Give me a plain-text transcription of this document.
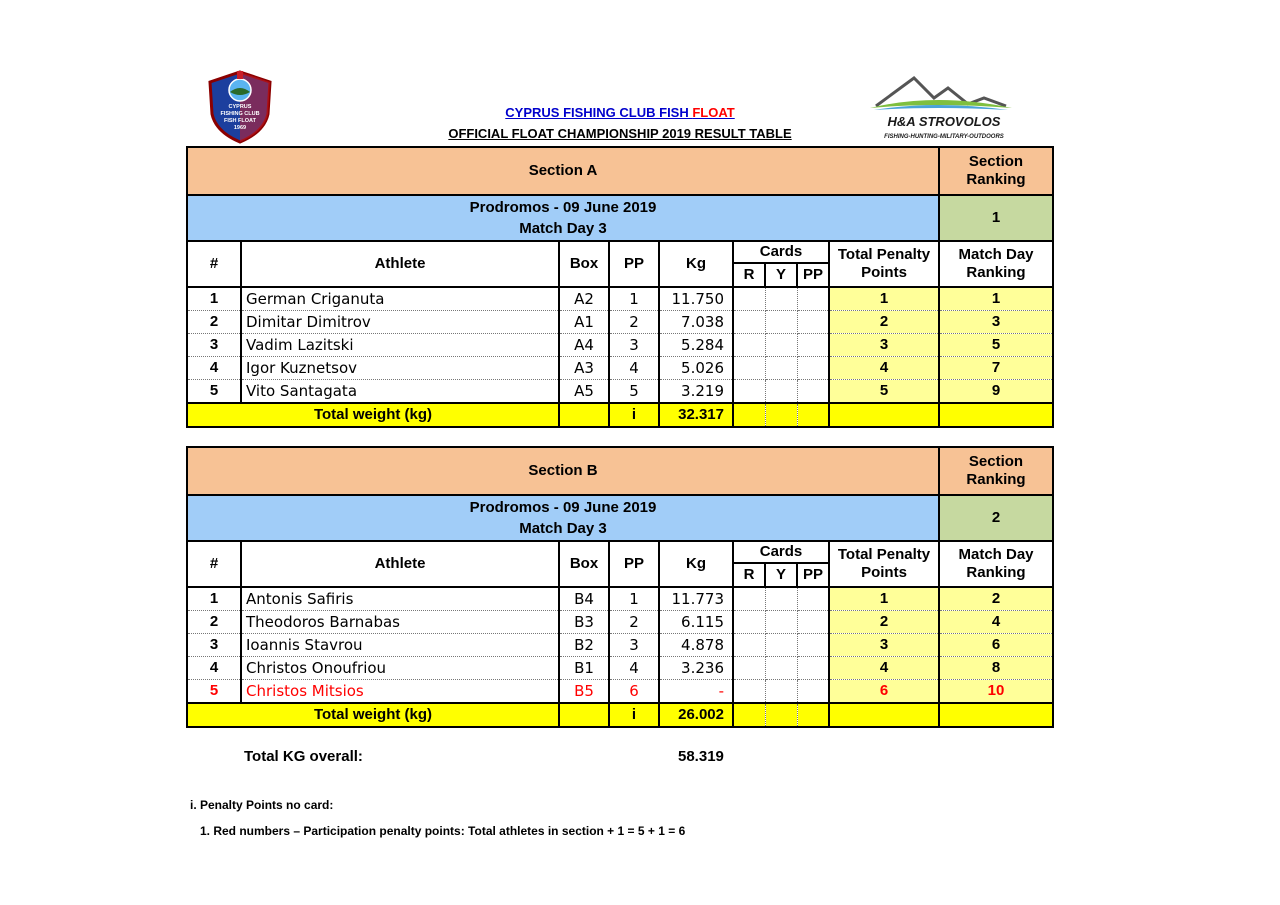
CYPRUS
FISHING CLUB
FISH FLOAT
1969	H&A STROVOLOS
FISHING-HUNTING-MILITARY-OUTDOORS
CYPRUS FISHING CLUB FISH FLOAT
OFFICIAL FLOAT CHAMPIONSHIP 2019 RESULT TABLE
Section A									Section
Ranking
Prodromos - 09 June 2019
Match Day 3									1
#	Athlete	Box	PP	Kg	Cards			Total Penalty
Points	Match Day
Ranking
					R	Y	PP		
1	German Criganuta	A2	1	11.750				1	1
2	Dimitar Dimitrov	A1	2	7.038				2	3
3	Vadim Lazitski	A4	3	5.284				3	5
4	Igor Kuznetsov	A3	4	5.026				4	7
5	Vito Santagata	A5	5	3.219				5	9
Total weight (kg)			i	32.317					
Section B									Section
Ranking
Prodromos - 09 June 2019
Match Day 3									2
#	Athlete	Box	PP	Kg	Cards			Total Penalty
Points	Match Day
Ranking
					R	Y	PP		
1	Antonis Safiris	B4	1	11.773				1	2
2	Theodoros Barnabas	B3	2	6.115				2	4
3	Ioannis Stavrou	B2	3	4.878				3	6
4	Christos Onoufriou	B1	4	3.236				4	8
5	Christos Mitsios	B5	6	-				6	10
Total weight (kg)			i	26.002					
Total KG overall:	58.319
i. Penalty Points no card:
1. Red numbers – Participation penalty points: Total athletes in section + 1 = 5 + 1 = 6
